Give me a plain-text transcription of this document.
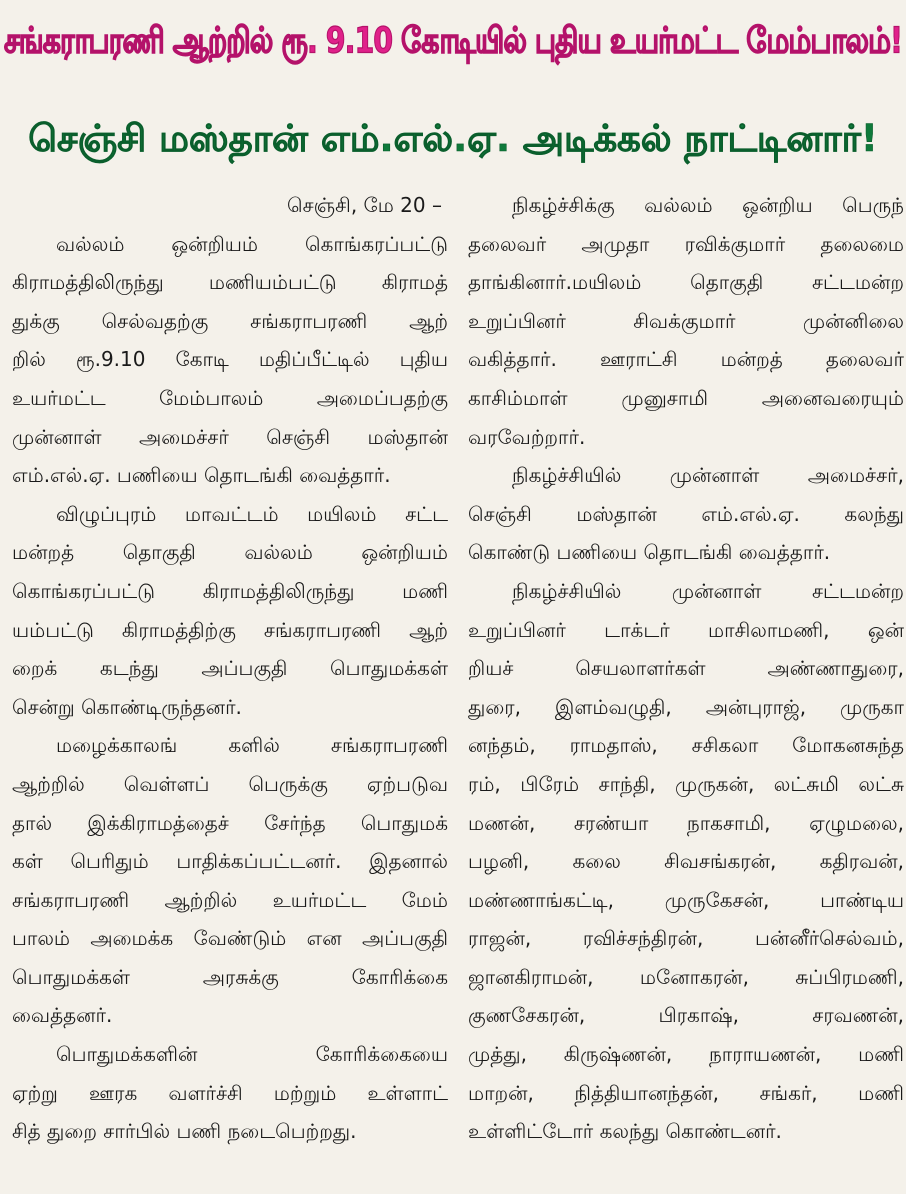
சங்கராபரணி ஆற்றில் ரூ. 9.10 கோடியில் புதிய உயர்மட்ட மேம்பாலம்!
செஞ்சி மஸ்தான் எம்.எல்.ஏ. அடிக்கல் நாட்டினார்!
செஞ்சி, மே 20 –
வல்லம் ஒன்றியம் கொங்கரப்பட்டு
கிராமத்திலிருந்து மணியம்பட்டு கிராமத்
துக்கு செல்வதற்கு சங்கராபரணி ஆற்
றில் ரூ.9.10 கோடி மதிப்பீட்டில் புதிய
உயர்மட்ட மேம்பாலம் அமைப்பதற்கு
முன்னாள் அமைச்சர் செஞ்சி மஸ்தான்
எம்.எல்.ஏ. பணியை தொடங்கி வைத்தார்.
விழுப்புரம் மாவட்டம் மயிலம் சட்ட
மன்றத் தொகுதி வல்லம் ஒன்றியம்
கொங்கரப்பட்டு கிராமத்திலிருந்து மணி
யம்பட்டு கிராமத்திற்கு சங்கராபரணி ஆற்
றைக் கடந்து அப்பகுதி பொதுமக்கள்
சென்று கொண்டிருந்தனர்.
மழைக்காலங் களில் சங்கராபரணி
ஆற்றில் வெள்ளப் பெருக்கு ஏற்படுவ
தால் இக்கிராமத்தைச் சேர்ந்த பொதுமக்
கள் பெரிதும் பாதிக்கப்பட்டனர். இதனால்
சங்கராபரணி ஆற்றில் உயர்மட்ட மேம்
பாலம் அமைக்க வேண்டும் என அப்பகுதி
பொதுமக்கள் அரசுக்கு கோரிக்கை
வைத்தனர்.
பொதுமக்களின் கோரிக்கையை
ஏற்று ஊரக வளர்ச்சி மற்றும் உள்ளாட்
சித் துறை சார்பில் பணி நடைபெற்றது.
நிகழ்ச்சிக்கு வல்லம் ஒன்றிய பெருந்
தலைவர் அமுதா ரவிக்குமார் தலைமை
தாங்கினார்.மயிலம் தொகுதி சட்டமன்ற
உறுப்பினர் சிவக்குமார் முன்னிலை
வகித்தார். ஊராட்சி மன்றத் தலைவர்
காசிம்மாள் முனுசாமி அனைவரையும்
வரவேற்றார்.
நிகழ்ச்சியில் முன்னாள் அமைச்சர்,
செஞ்சி மஸ்தான் எம்.எல்.ஏ. கலந்து
கொண்டு பணியை தொடங்கி வைத்தார்.
நிகழ்ச்சியில் முன்னாள் சட்டமன்ற
உறுப்பினர் டாக்டர் மாசிலாமணி, ஒன்
றியச் செயலாளர்கள் அண்ணாதுரை,
துரை, இளம்வழுதி, அன்புராஜ், முருகா
னந்தம், ராமதாஸ், சசிகலா மோகனசுந்த
ரம், பிரேம் சாந்தி, முருகன், லட்சுமி லட்சு
மணன், சரண்யா நாகசாமி, ஏழுமலை,
பழனி, கலை சிவசங்கரன், கதிரவன்,
மண்ணாங்கட்டி, முருகேசன், பாண்டிய
ராஜன், ரவிச்சந்திரன், பன்னீர்செல்வம்,
ஜானகிராமன், மனோகரன், சுப்பிரமணி,
குணசேகரன், பிரகாஷ், சரவணன்,
முத்து, கிருஷ்ணன், நாராயணன், மணி
மாறன், நித்தியானந்தன், சங்கர், மணி
உள்ளிட்டோர் கலந்து கொண்டனர்.
